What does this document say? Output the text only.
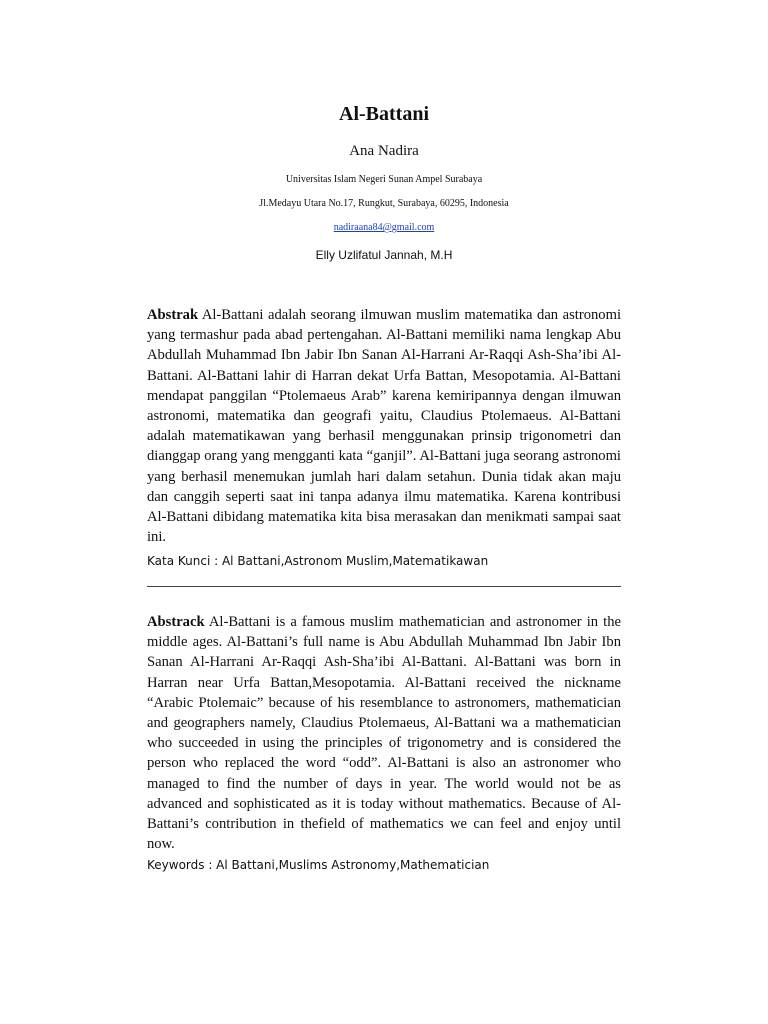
Al-Battani
Ana Nadira
Universitas Islam Negeri Sunan Ampel Surabaya
Jl.Medayu Utara No.17, Rungkut, Surabaya, 60295, Indonesia
nadiraana84@gmail.com
Elly Uzlifatul Jannah, M.H
Abstrak Al-Battani adalah seorang ilmuwan muslim matematika dan astronomi yang termashur pada abad pertengahan. Al-Battani memiliki nama lengkap Abu Abdullah Muhammad Ibn Jabir Ibn Sanan Al-Harrani Ar-Raqqi Ash-Sha’ibi Al-Battani. Al-Battani lahir di Harran dekat Urfa Battan, Mesopotamia. Al-Battani mendapat panggilan “Ptolemaeus Arab” karena kemiripannya dengan ilmuwan astronomi, matematika dan geografi yaitu, Claudius Ptolemaeus. Al-Battani adalah matematikawan yang berhasil menggunakan prinsip trigonometri dan dianggap orang yang mengganti kata “ganjil”. Al-Battani juga seorang astronomi yang berhasil menemukan jumlah hari dalam setahun. Dunia tidak akan maju dan canggih seperti saat ini tanpa adanya ilmu matematika. Karena kontribusi Al-Battani dibidang matematika kita bisa merasakan dan menikmati sampai saat ini.
Kata Kunci : Al Battani,Astronom Muslim,Matematikawan
Abstrack Al-Battani is a famous muslim mathematician and astronomer in the middle ages. Al-Battani’s full name is Abu Abdullah Muhammad Ibn Jabir Ibn Sanan Al-Harrani Ar-Raqqi Ash-Sha’ibi Al-Battani. Al-Battani was born in Harran near Urfa Battan,Mesopotamia. Al-Battani received the nickname “Arabic Ptolemaic” because of his resemblance to astronomers, mathematician and geographers namely, Claudius Ptolemaeus, Al-Battani wa a mathematician who succeeded in using the principles of trigonometry and is considered the person who replaced the word “odd”. Al-Battani is also an astronomer who managed to find the number of days in year. The world would not be as advanced and sophisticated as it is today without mathematics. Because of Al-Battani’s contribution in thefield of mathematics we can feel and enjoy until now.
Keywords : Al Battani,Muslims Astronomy,Mathematician
